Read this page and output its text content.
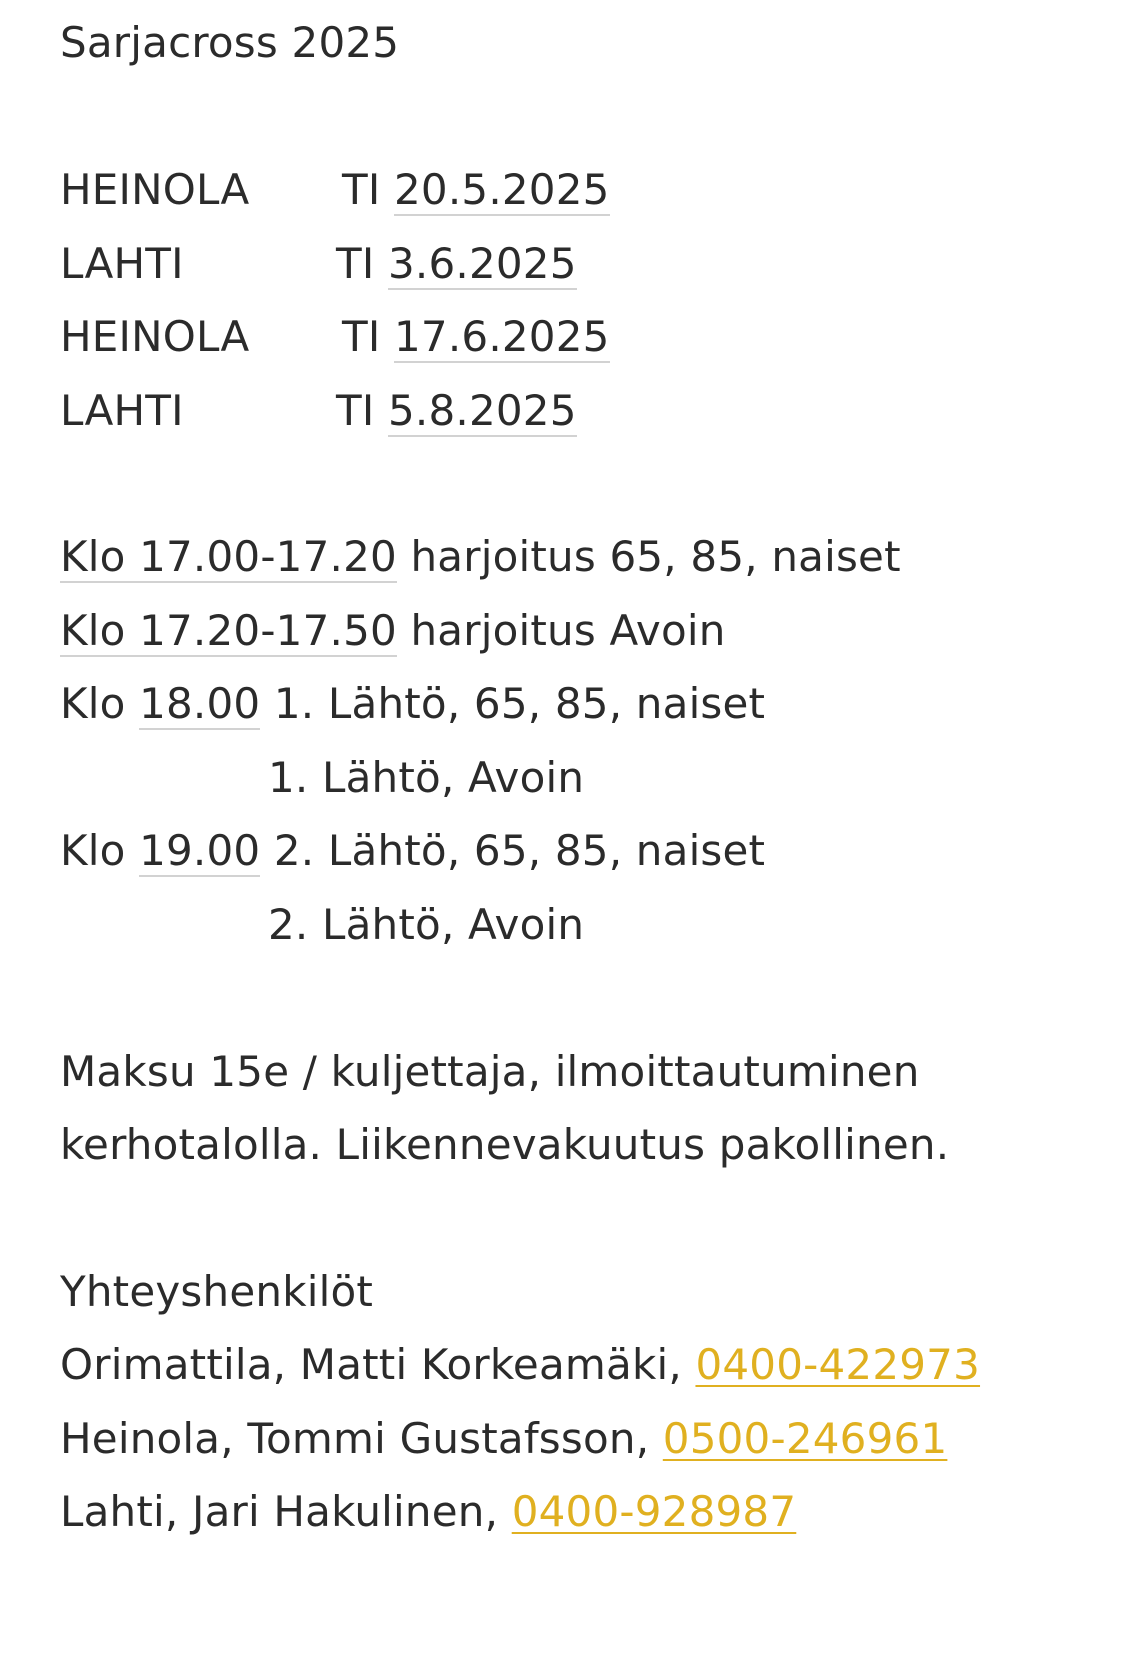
Sarjacross 2025
HEINOLA TI 20.5.2025
LAHTI	TI 3.6.2025
HEINOLA TI 17.6.2025
LAHTI	TI 5.8.2025
Klo 17.00-17.20 harjoitus 65, 85, naiset
Klo 17.20-17.50 harjoitus Avoin
Klo 18.00 1. Lähtö, 65, 85, naiset
1. Lähtö, Avoin
Klo 19.00 2. Lähtö, 65, 85, naiset
2. Lähtö, Avoin
Maksu 15e / kuljettaja, ilmoittautuminen
kerhotalolla. Liikennevakuutus pakollinen.
Yhteyshenkilöt
Orimattila, Matti Korkeamäki, 0400-422973
Heinola, Tommi Gustafsson, 0500-246961
Lahti, Jari Hakulinen, 0400-928987
